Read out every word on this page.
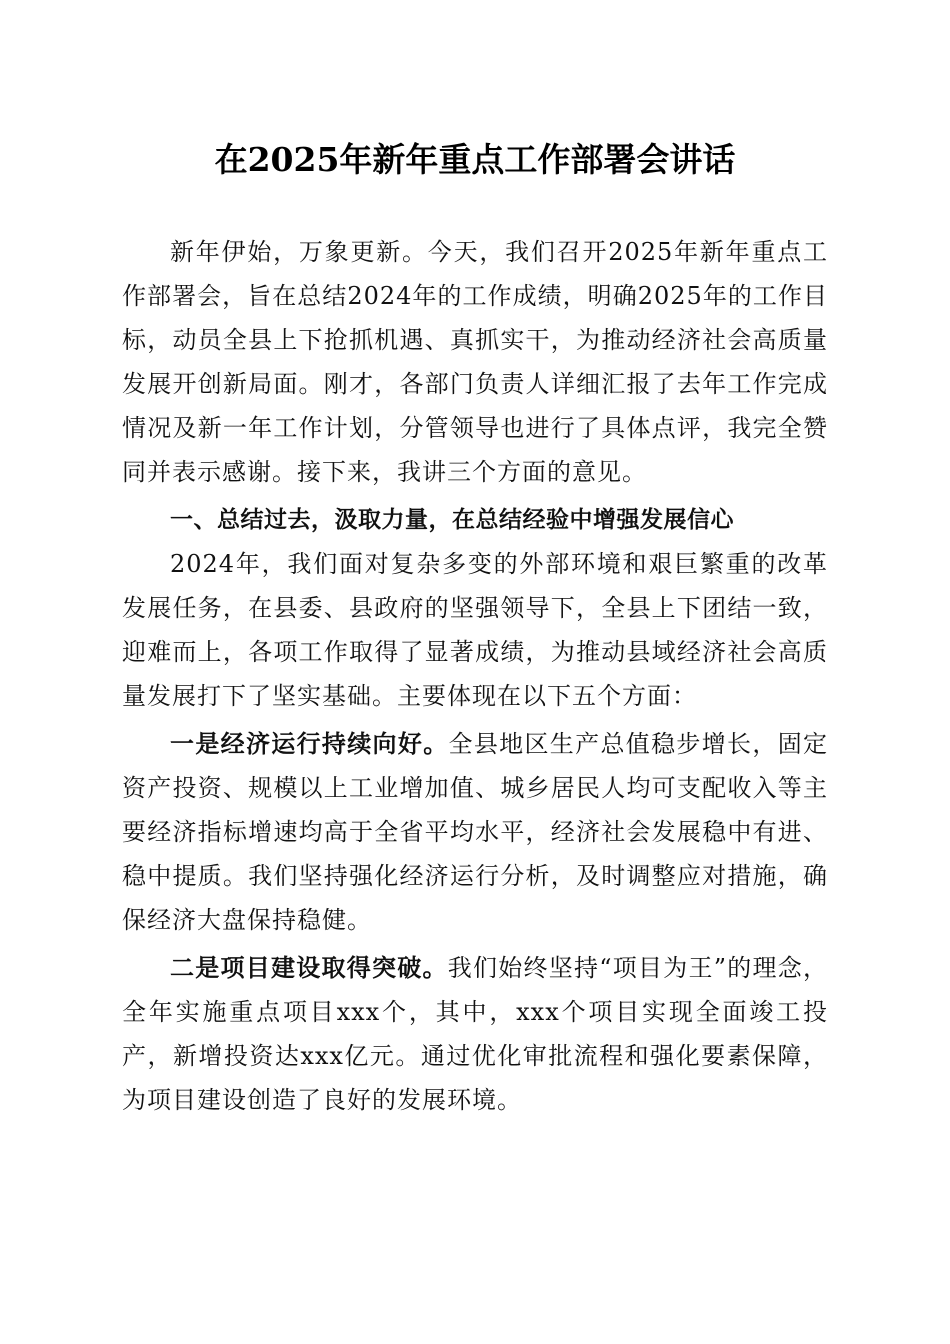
在2025年新年重点工作部署会讲话

新年伊始，万象更新。今天，我们召开2025年新年重点工作部署会，旨在总结2024年的工作成绩，明确2025年的工作目标，动员全县上下抢抓机遇、真抓实干，为推动经济社会高质量发展开创新局面。刚才，各部门负责人详细汇报了去年工作完成情况及新一年工作计划，分管领导也进行了具体点评，我完全赞同并表示感谢。接下来，我讲三个方面的意见。

一、总结过去，汲取力量，在总结经验中增强发展信心

2024年，我们面对复杂多变的外部环境和艰巨繁重的改革发展任务，在县委、县政府的坚强领导下，全县上下团结一致，迎难而上，各项工作取得了显著成绩，为推动县域经济社会高质量发展打下了坚实基础。主要体现在以下五个方面：

一是经济运行持续向好。全县地区生产总值稳步增长，固定资产投资、规模以上工业增加值、城乡居民人均可支配收入等主要经济指标增速均高于全省平均水平，经济社会发展稳中有进、稳中提质。我们坚持强化经济运行分析，及时调整应对措施，确保经济大盘保持稳健。

二是项目建设取得突破。我们始终坚持“项目为王”的理念，全年实施重点项目xxx个，其中，xxx个项目实现全面竣工投产，新增投资达xxx亿元。通过优化审批流程和强化要素保障，为项目建设创造了良好的发展环境。
